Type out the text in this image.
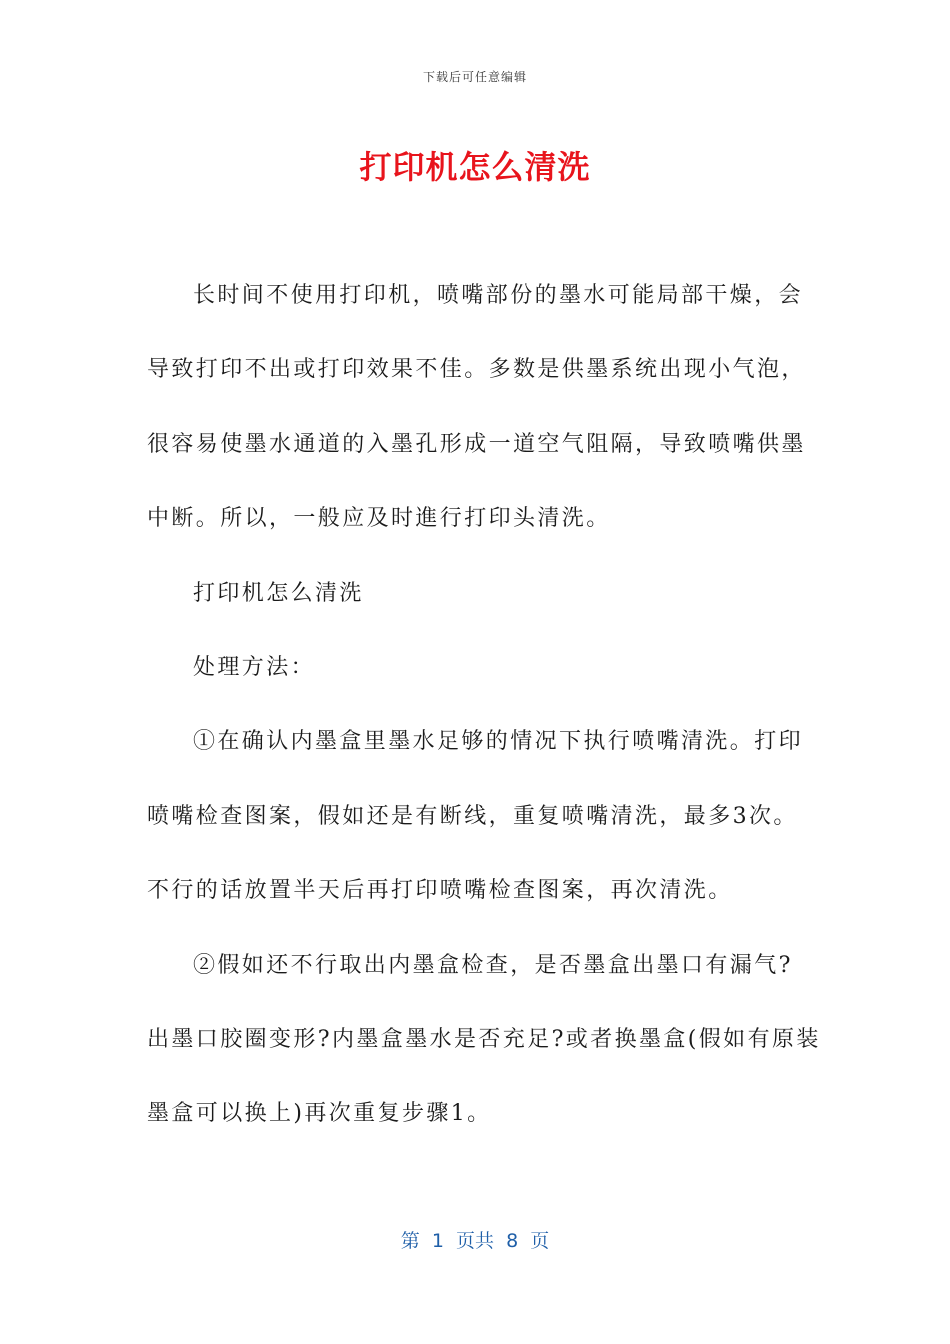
下载后可任意编辑
打印机怎么清洗
长时间不使用打印机，喷嘴部份的墨水可能局部干燥，会
导致打印不出或打印效果不佳。多数是供墨系统出现小气泡，
很容易使墨水通道的入墨孔形成一道空气阻隔，导致喷嘴供墨
中断。所以，一般应及时進行打印头清洗。
打印机怎么清洗
处理方法：
①在确认内墨盒里墨水足够的情况下执行喷嘴清洗。打印
喷嘴检查图案，假如还是有断线，重复喷嘴清洗，最多3次。
不行的话放置半天后再打印喷嘴检查图案，再次清洗。
②假如还不行取出内墨盒检查，是否墨盒出墨口有漏气?
出墨口胶圈变形?内墨盒墨水是否充足?或者换墨盒(假如有原装
墨盒可以换上)再次重复步骤1。
第  1  页共  8  页
